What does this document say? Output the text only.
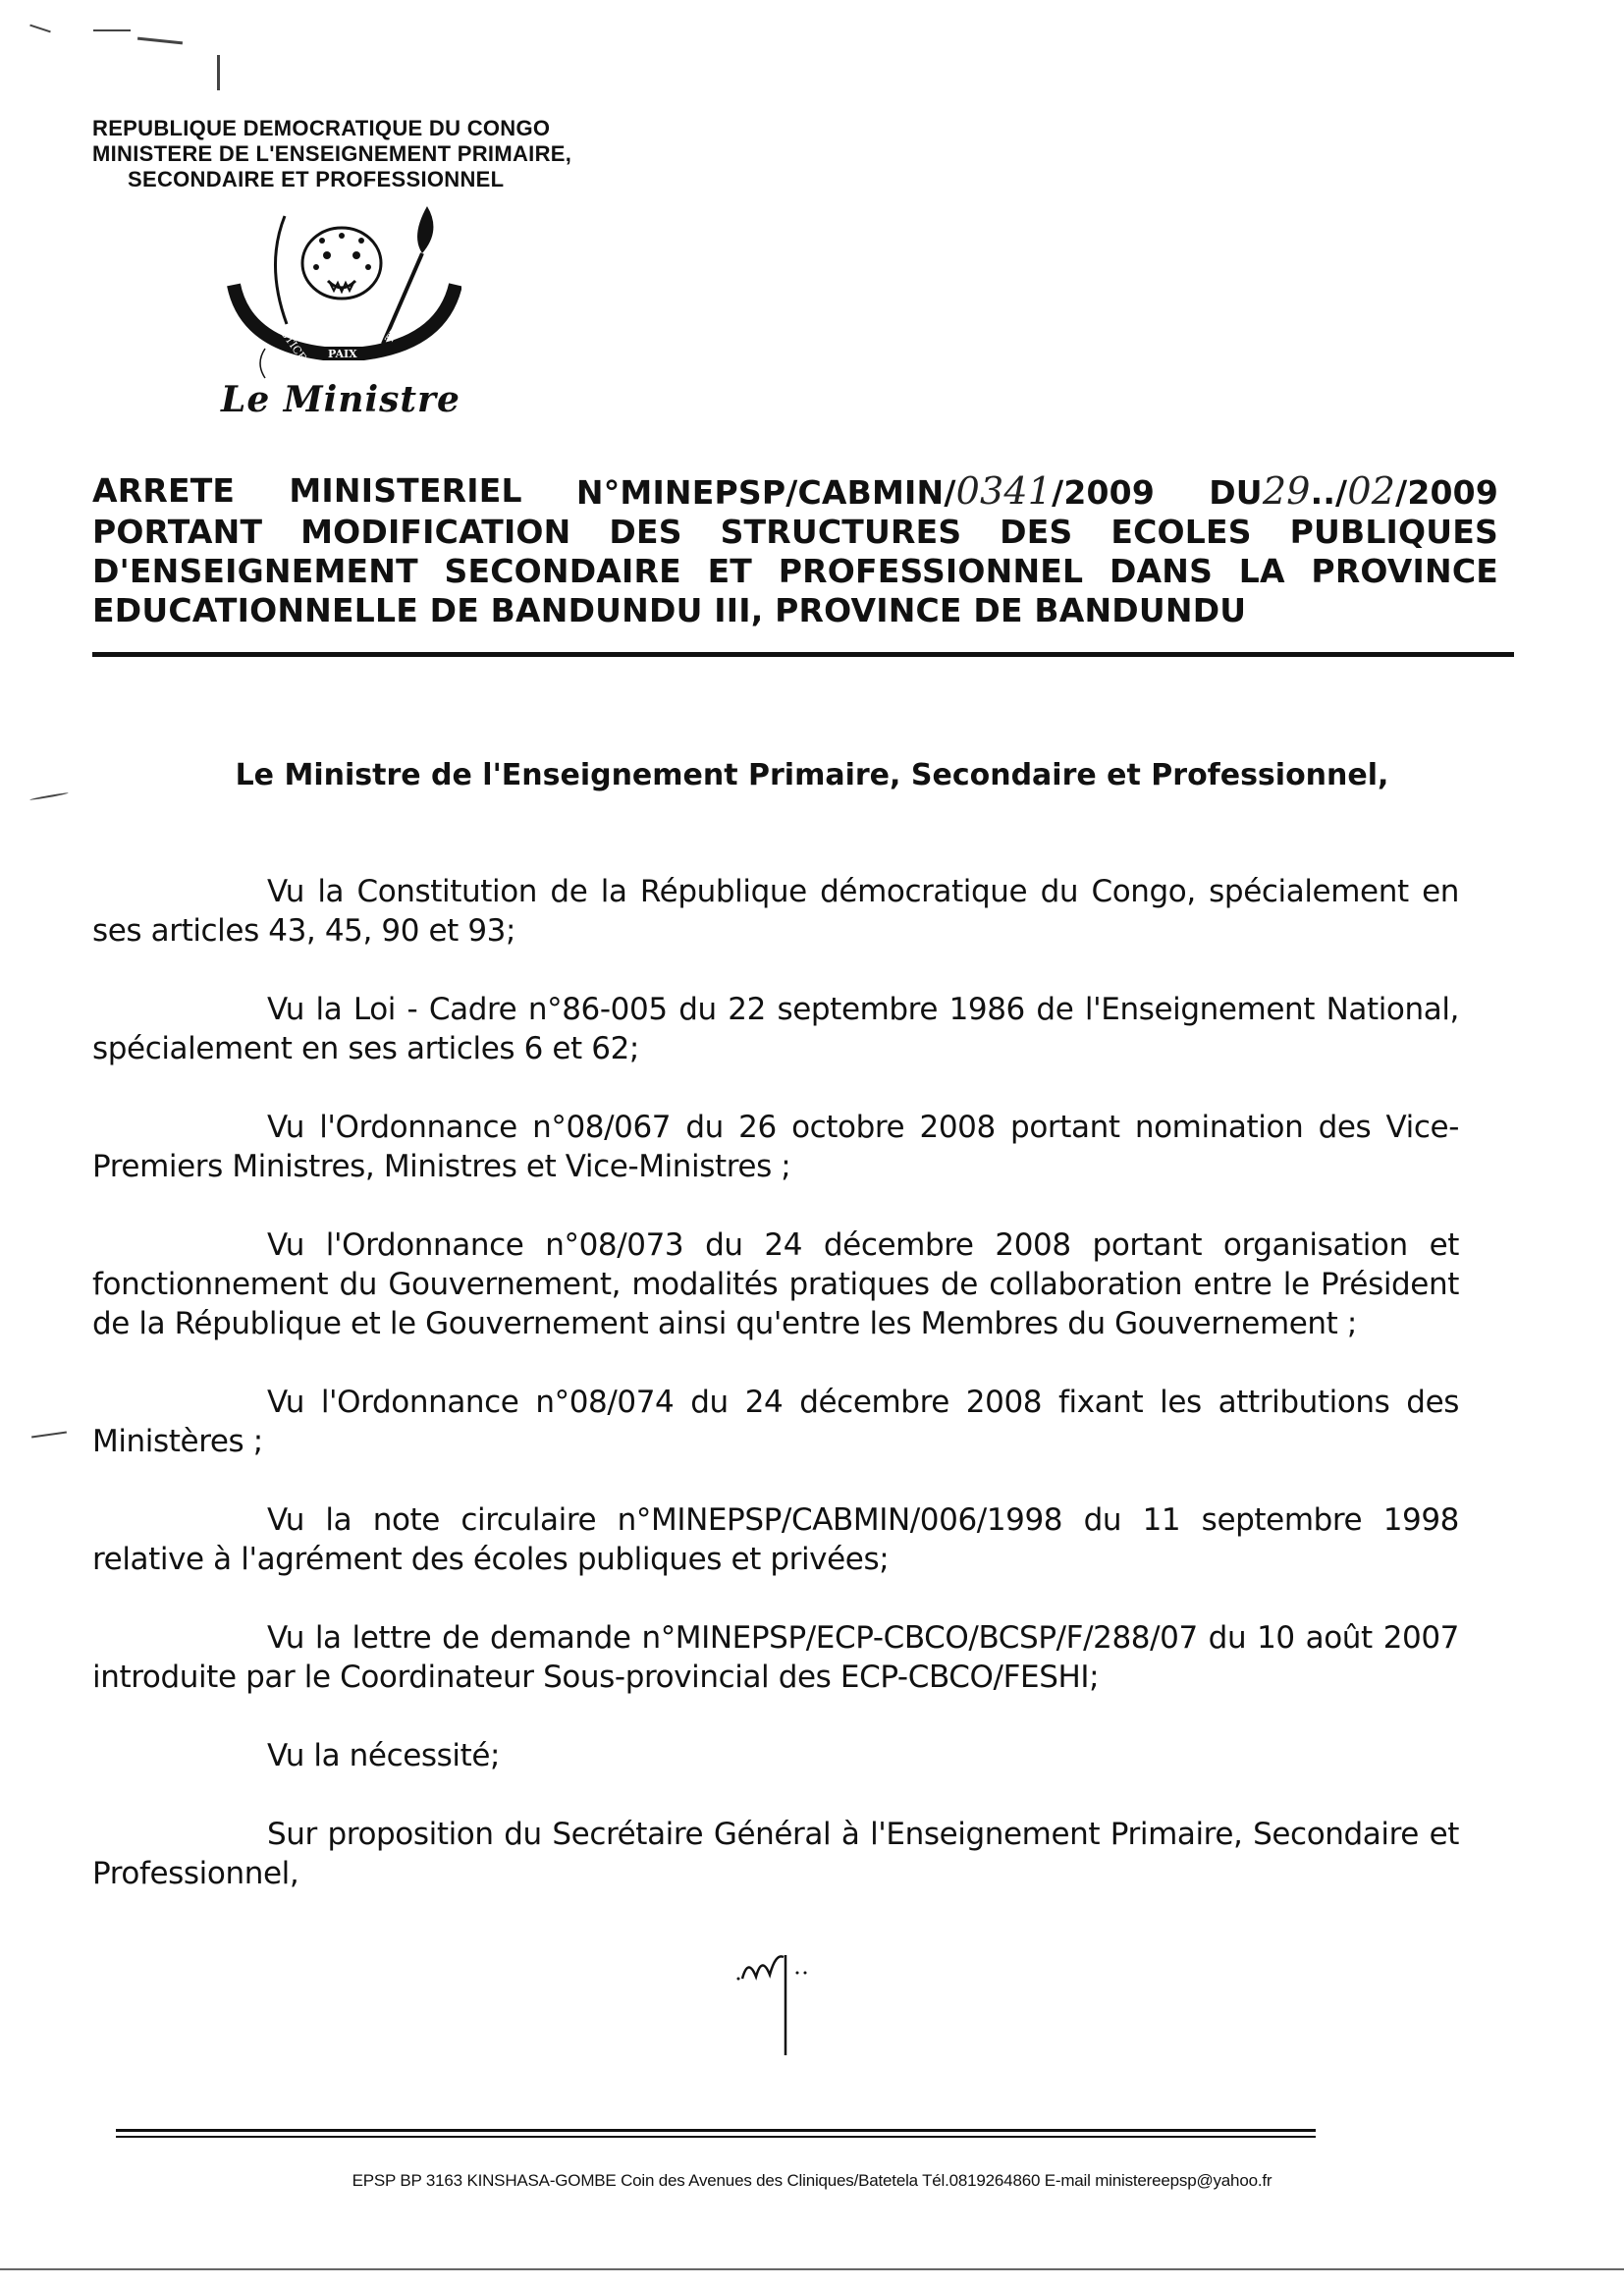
REPUBLIQUE DEMOCRATIQUE DU CONGO
MINISTERE DE L'ENSEIGNEMENT PRIMAIRE,
SECONDAIRE ET PROFESSIONNEL
JUSTICE PAIX
TRAVAIL
Le Ministre
ARRETE MINISTERIEL N°MINEPSP/CABMIN/0341/2009 DU29../02/2009
PORTANT MODIFICATION DES STRUCTURES DES ECOLES PUBLIQUES
D'ENSEIGNEMENT SECONDAIRE ET PROFESSIONNEL DANS LA PROVINCE
EDUCATIONNELLE DE BANDUNDU III, PROVINCE DE BANDUNDU
Le Ministre de l'Enseignement Primaire, Secondaire et Professionnel,
Vu la Constitution de la République démocratique du Congo, spécialement en ses articles 43, 45, 90 et 93;
Vu la Loi - Cadre n°86-005 du 22 septembre 1986 de l'Enseignement National, spécialement en ses articles 6 et 62;
Vu l'Ordonnance n°08/067 du 26 octobre 2008 portant nomination des Vice-Premiers Ministres, Ministres et Vice-Ministres ;
Vu l'Ordonnance n°08/073 du 24 décembre 2008 portant organisation et fonctionnement du Gouvernement, modalités pratiques de collaboration entre le Président de la République et le Gouvernement ainsi qu'entre les Membres du Gouvernement ;
Vu l'Ordonnance n°08/074 du 24 décembre 2008 fixant les attributions des Ministères ;
Vu la note circulaire n°MINEPSP/CABMIN/006/1998 du 11 septembre 1998 relative à l'agrément des écoles publiques et privées;
Vu la lettre de demande n°MINEPSP/ECP-CBCO/BCSP/F/288/07 du 10 août 2007 introduite par le Coordinateur Sous-provincial des ECP-CBCO/FESHI;
Vu la nécessité;
Sur proposition du Secrétaire Général à l'Enseignement Primaire, Secondaire et Professionnel,
EPSP BP 3163 KINSHASA-GOMBE Coin des Avenues des Cliniques/Batetela Tél.0819264860 E-mail ministereepsp@yahoo.fr
